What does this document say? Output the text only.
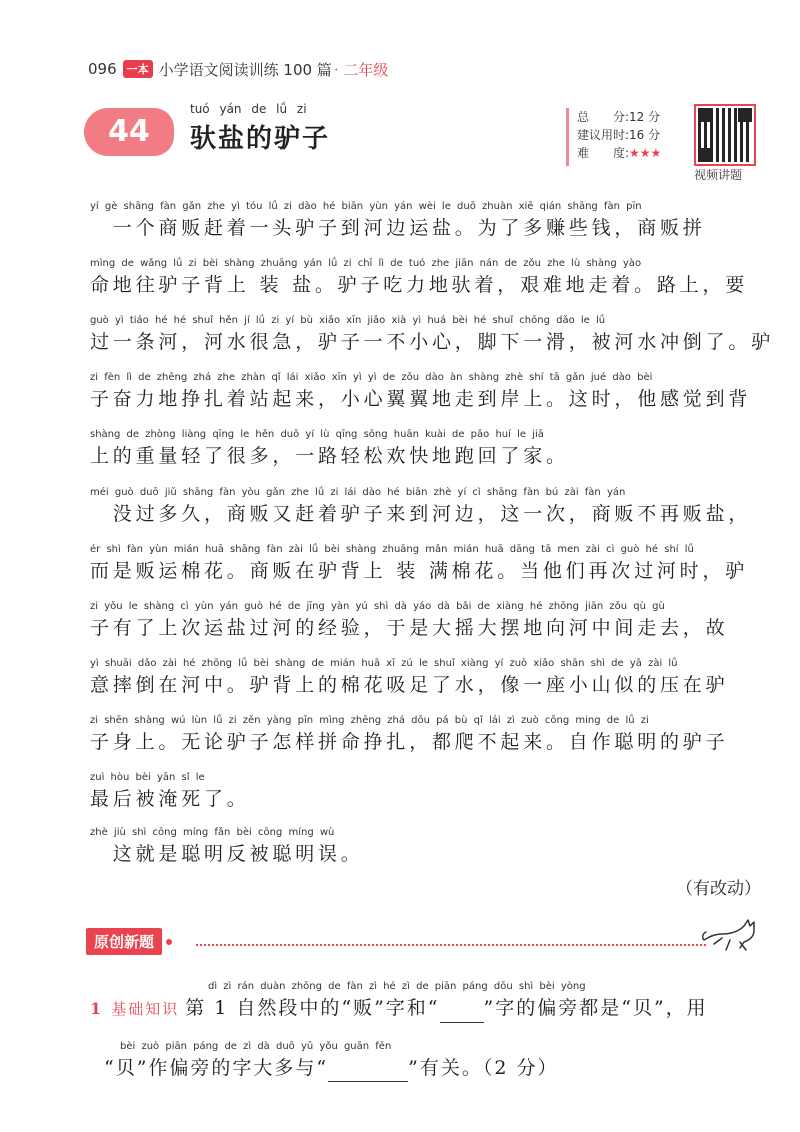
096 一本 小学语文阅读训练 100 篇 · 二年级
44
tuó yán de lǘ zi
驮盐的驴子
总　　分:12 分
建议用时:16 分
难　　度:★★★
视频讲题
yí gè shāng fàn gǎn zhe yì tóu lǘ zi dào hé biān yùn yán wèi le duō zhuàn xiē qián shāng fàn pīn
　一个商贩赶着一头驴子到河边运盐。为了多赚些钱，商贩拼
mìng de wǎng lǘ zi bèi shàng zhuāng yán lǘ zi chī lì de tuó zhe jiān nán de zǒu zhe lù shàng yào
命地往驴子背上 装 盐。驴子吃力地驮着，艰难地走着。路上，要
guò yì tiáo hé hé shuǐ hěn jí lǘ zi yí bù xiǎo xīn jiǎo xià yì huá bèi hé shuǐ chōng dǎo le lǘ
过一条河，河水很急，驴子一不小心，脚下一滑，被河水冲倒了。驴
zi fèn lì de zhēng zhá zhe zhàn qǐ lái xiǎo xīn yì yì de zǒu dào àn shàng zhè shí tā gǎn jué dào bèi
子奋力地挣扎着站起来，小心翼翼地走到岸上。这时，他感觉到背
shàng de zhòng liàng qīng le hěn duō yí lù qīng sōng huān kuài de pǎo huí le jiā
上的重量轻了很多，一路轻松欢快地跑回了家。
méi guò duō jiǔ shāng fàn yòu gǎn zhe lǘ zi lái dào hé biān zhè yí cì shāng fàn bú zài fàn yán
　没过多久，商贩又赶着驴子来到河边，这一次，商贩不再贩盐，
ér shì fàn yùn mián huā shāng fàn zài lǘ bèi shàng zhuāng mǎn mián huā dāng tā men zài cì guò hé shí lǘ
而是贩运棉花。商贩在驴背上 装 满棉花。当他们再次过河时，驴
zi yǒu le shàng cì yùn yán guò hé de jīng yàn yú shì dà yáo dà bǎi de xiàng hé zhōng jiān zǒu qù gù
子有了上次运盐过河的经验，于是大摇大摆地向河中间走去，故
yì shuāi dǎo zài hé zhōng lǘ bèi shàng de mián huā xī zú le shuǐ xiàng yí zuò xiǎo shān shì de yā zài lǘ
意摔倒在河中。驴背上的棉花吸足了水，像一座小山似的压在驴
zi shēn shàng wú lùn lǘ zi zěn yàng pīn mìng zhēng zhá dōu pá bù qǐ lái zì zuò cōng ming de lǘ zi
子身上。无论驴子怎样拼命挣扎，都爬不起来。自作聪明的驴子
zuì hòu bèi yān sǐ le
最后被淹死了。
zhè jiù shì cōng míng fǎn bèi cōng míng wù
　这就是聪明反被聪明误。
（有改动）
原创新题
dì zì rán duàn zhōng de fàn zì hé zì de piān páng dōu shì bèi yòng
1 基础知识 第 1 自然段中的“贩”字和“ ”字的偏旁都是“贝”，用
bèi zuò piān páng de zì dà duō yǔ yǒu guān fēn
“贝”作偏旁的字大多与“	”有关。（2 分）
